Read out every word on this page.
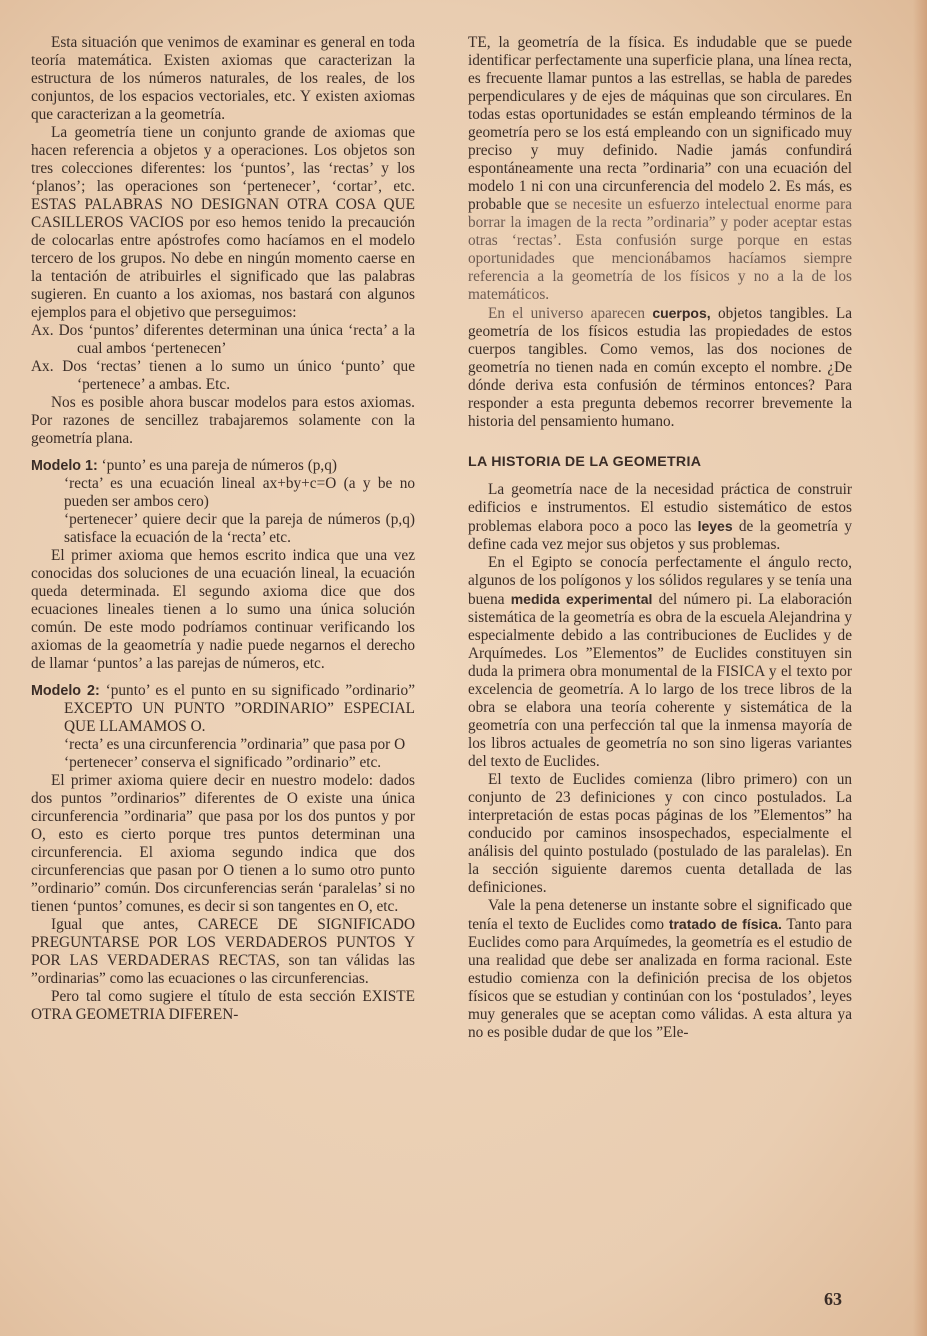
Esta situación que venimos de examinar es general en toda teoría matemática. Existen axiomas que caracterizan la estructura de los números naturales, de los reales, de los conjuntos, de los espacios vectoriales, etc. Y existen axiomas que caracterizan a la geometría.

La geometría tiene un conjunto grande de axiomas que hacen referencia a objetos y a operaciones. Los objetos son tres colecciones diferentes: los ‘puntos’, las ‘rectas’ y los ‘planos’; las operaciones son ‘pertenecer’, ‘cortar’, etc. ESTAS PALABRAS NO DESIGNAN OTRA COSA QUE CASILLEROS VACIOS por eso hemos tenido la precaución de colocarlas entre apóstrofes como hacíamos en el modelo tercero de los grupos. No debe en ningún momento caerse en la tentación de atribuirles el significado que las palabras sugieren. En cuanto a los axiomas, nos bastará con algunos ejemplos para el objetivo que perseguimos:

Ax. Dos ‘puntos’ diferentes determinan una única ‘recta’ a la cual ambos ‘pertenecen’

Ax. Dos ‘rectas’ tienen a lo sumo un único ‘punto’ que ‘pertenece’ a ambas. Etc.

Nos es posible ahora buscar modelos para estos axiomas. Por razones de sencillez trabajaremos solamente con la geometría plana.

Modelo 1: ‘punto’ es una pareja de números (p,q)

‘recta’ es una ecuación lineal ax+by+c=O (a y be no pueden ser ambos cero)

‘pertenecer’ quiere decir que la pareja de números (p,q) satisface la ecuación de la ‘recta’ etc.

El primer axioma que hemos escrito indica que una vez conocidas dos soluciones de una ecuación lineal, la ecuación queda determinada. El segundo axioma dice que dos ecuaciones lineales tienen a lo sumo una única solución común. De este modo podríamos continuar verificando los axiomas de la geaometría y nadie puede negarnos el derecho de llamar ‘puntos’ a las parejas de números, etc.

Modelo 2: ‘punto’ es el punto en su significado ”ordinario” EXCEPTO UN PUNTO ”ORDINARIO” ESPECIAL QUE LLAMAMOS O.

‘recta’ es una circunferencia ”ordinaria” que pasa por O

‘pertenecer’ conserva el significado ”ordinario” etc.

El primer axioma quiere decir en nuestro modelo: dados dos puntos ”ordinarios” diferentes de O existe una única circunferencia ”ordinaria” que pasa por los dos puntos y por O, esto es cierto porque tres puntos determinan una circunferencia. El axioma segundo indica que dos circunferencias que pasan por O tienen a lo sumo otro punto ”ordinario” común. Dos circunferencias serán ‘paralelas’ si no tienen ‘puntos’ comunes, es decir si son tangentes en O, etc.

Igual que antes, CARECE DE SIGNIFICADO PREGUNTARSE POR LOS VERDADEROS PUNTOS Y POR LAS VERDADERAS RECTAS, son tan válidas las ”ordinarias” como las ecuaciones o las circunferencias.

Pero tal como sugiere el título de esta sección EXISTE OTRA GEOMETRIA DIFEREN-

TE, la geometría de la física. Es indudable que se puede identificar perfectamente una superficie plana, una línea recta, es frecuente llamar puntos a las estrellas, se habla de paredes perpendiculares y de ejes de máquinas que son circulares. En todas estas oportunidades se están empleando términos de la geometría pero se los está empleando con un significado muy preciso y muy definido. Nadie jamás confundirá espontáneamente una recta ”ordinaria” con una ecuación del modelo 1 ni con una circunferencia del modelo 2. Es más, es probable que se necesite un esfuerzo intelectual enorme para borrar la imagen de la recta ”ordinaria” y poder aceptar estas otras ‘rectas’. Esta confusión surge porque en estas oportunidades que mencionábamos hacíamos siempre referencia a la geometría de los físicos y no a la de los matemáticos.

En el universo aparecen cuerpos, objetos tangibles. La geometría de los físicos estudia las propiedades de estos cuerpos tangibles. Como vemos, las dos nociones de geometría no tienen nada en común excepto el nombre. ¿De dónde deriva esta confusión de términos entonces? Para responder a esta pregunta debemos recorrer brevemente la historia del pensamiento humano.

LA HISTORIA DE LA GEOMETRIA

La geometría nace de la necesidad práctica de construir edificios e instrumentos. El estudio sistemático de estos problemas elabora poco a poco las leyes de la geometría y define cada vez mejor sus objetos y sus problemas.

En el Egipto se conocía perfectamente el ángulo recto, algunos de los polígonos y los sólidos regulares y se tenía una buena medida experimental del número pi. La elaboración sistemática de la geometría es obra de la escuela Alejandrina y especialmente debido a las contribuciones de Euclides y de Arquímedes. Los ”Elementos” de Euclides constituyen sin duda la primera obra monumental de la FISICA y el texto por excelencia de geometría. A lo largo de los trece libros de la obra se elabora una teoría coherente y sistemática de la geometría con una perfección tal que la inmensa mayoría de los libros actuales de geometría no son sino ligeras variantes del texto de Euclides.

El texto de Euclides comienza (libro primero) con un conjunto de 23 definiciones y con cinco postulados. La interpretación de estas pocas páginas de los ”Elementos” ha conducido por caminos insospechados, especialmente el análisis del quinto postulado (postulado de las paralelas). En la sección siguiente daremos cuenta detallada de las definiciones.

Vale la pena detenerse un instante sobre el significado que tenía el texto de Euclides como tratado de física. Tanto para Euclides como para Arquímedes, la geometría es el estudio de una realidad que debe ser analizada en forma racional. Este estudio comienza con la definición precisa de los objetos físicos que se estudian y continúan con los ‘postulados’, leyes muy generales que se aceptan como válidas. A esta altura ya no es posible dudar de que los ”Ele-

63
